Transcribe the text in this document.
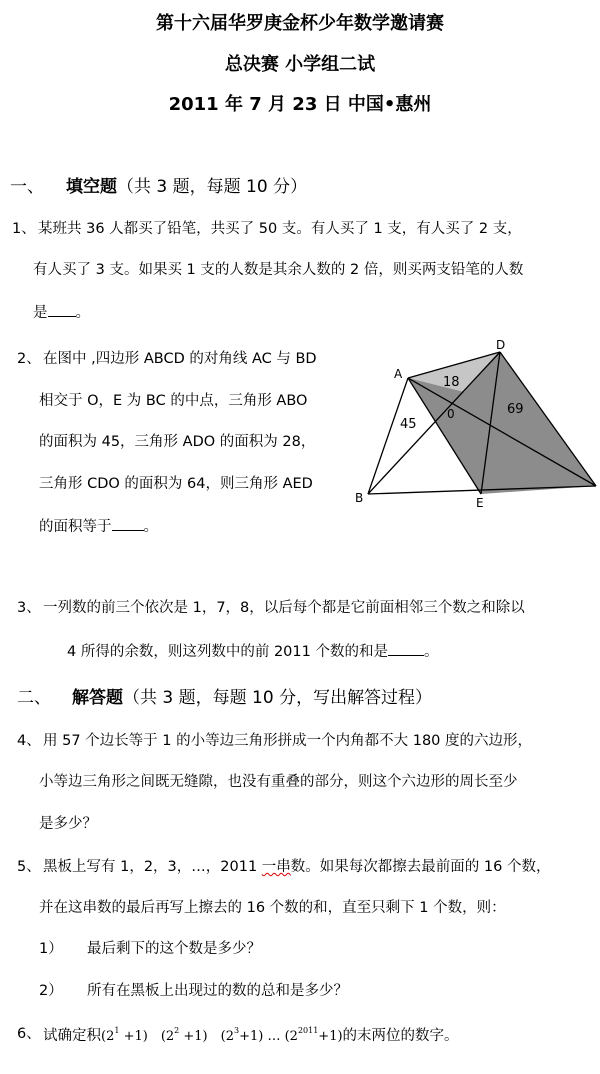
第十六届华罗庚金杯少年数学邀请赛
总决赛 小学组二试
2011 年 7 月 23 日 中国•惠州
一、 填空题（共 3 题，每题 10 分）
1、 某班共 36 人都买了铅笔，共买了 50 支。有人买了 1 支，有人买了 2 支，
有人买了 3 支。如果买 1 支的人数是其余人数的 2 倍，则买两支铅笔的人数
是 。
2、 在图中 ,四边形 ABCD 的对角线 AC 与 BD
相交于 O，E 为 BC 的中点，三角形 ABO
的面积为 45，三角形 ADO 的面积为 28，
三角形 CDO 的面积为 64，则三角形 AED
的面积等于 。
A
D
B	E
0
18
45
69
3、 一列数的前三个依次是 1，7，8，以后每个都是它前面相邻三个数之和除以
4 所得的余数，则这列数中的前 2011 个数的和是 。
二、 解答题（共 3 题，每题 10 分，写出解答过程）
4、 用 57 个边长等于 1 的小等边三角形拼成一个内角都不大 180 度的六边形，
小等边三角形之间既无缝隙，也没有重叠的部分，则这个六边形的周长至少
是多少？
5、 黑板上写有 1，2，3，…，2011 一串数。如果每次都擦去最前面的 16 个数，
并在这串数的最后再写上擦去的 16 个数的和，直至只剩下 1 个数，则：
1） 最后剩下的这个数是多少？
2） 所有在黑板上出现过的数的总和是多少？
6、 试确定积$(2^1 +1)$  $(2^2 +1)$  $(2^3+1)$ … $(2^{2011}+1)$的末两位的数字。
